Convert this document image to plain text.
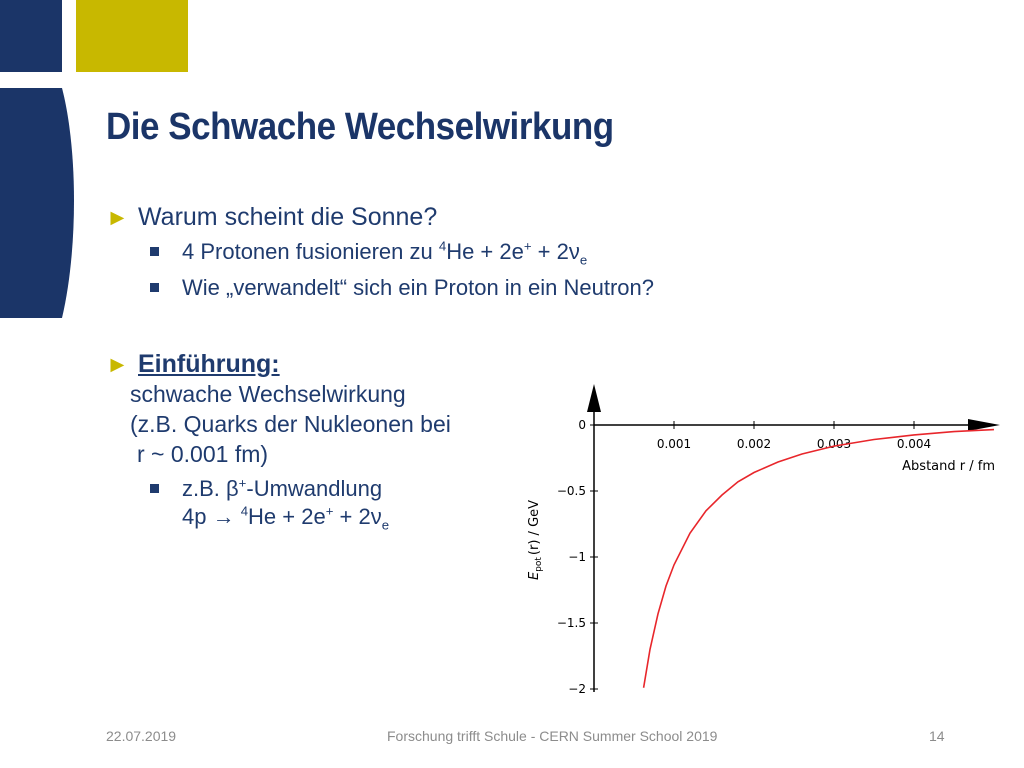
Die Schwache Wechselwirkung
► Warum scheint die Sonne?
4 Protonen fusionieren zu $^4He + 2e^+ + 2\nu_e$
Wie „verwandelt“ sich ein Proton in ein Neutron?
► Einführung:
schwache Wechselwirkung
(z.B. Quarks der Nukleonen bei
r ~ 0.001 fm)
z.B. β+-Umwandlung
$4p \to ^4He + 2e^+ + 2\nu_e$
0.001	0.002	0.003	0.004
0
−0.5
−1
−1.5
−2
Abstand r / fm
$E_{pot}(r)$ / GeV
22.07.2019	Forschung trifft Schule - CERN Summer School 2019	14
